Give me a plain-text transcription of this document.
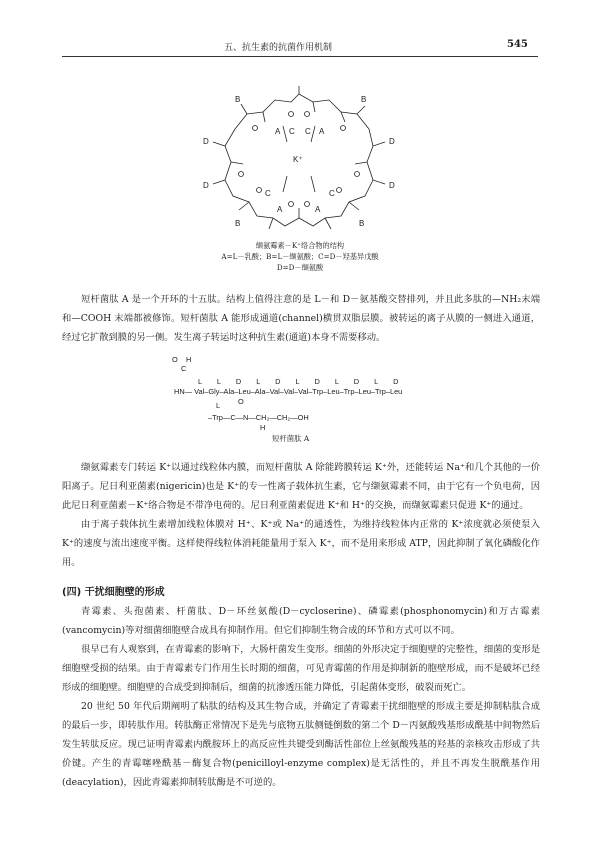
五、抗生素的抗菌作用机制	545
B	B
A	A
C C
D	D
K⁺
D	D
C	C
A	A
B	B
缬氨霉素－K⁺络合物的结构
A=L－乳酸；B=L－缬氨酸；C=D－羟基异戊酸
D=D－缬氨酸

短杆菌肽 A 是一个开环的十五肽。结构上值得注意的是 L－和 D－氨基酸交替排列，并且此多肽的—NH₂末端和—COOH 末端都被修饰。短杆菌肽 A 能形成通道(channel)横贯双脂层膜。被转运的离子从膜的一侧进入通道，经过它扩散到膜的另一侧。发生离子转运时这种抗生素(通道)本身不需要移动。

O H
C
L L D L D L D L D L D
HN— Val–Gly–Ala–Leu–Ala–Val–Val–Val–Trp–Leu–Trp–Leu–Trp–Leu
L O
–Trp—C—N—CH₂—CH₂—OH
H
短杆菌肽 A

缬氨霉素专门转运 K⁺以通过线粒体内膜，而短杆菌肽 A 除能跨膜转运 K⁺外，还能转运 Na⁺和几个其他的一价阳离子。尼日利亚菌素(nigericin)也是 K⁺的专一性离子载体抗生素，它与缬氨霉素不同，由于它有一个负电荷，因此尼日利亚菌素－K⁺络合物是不带净电荷的。尼日利亚菌素促进 K⁺和 H⁺的交换，而缬氨霉素只促进 K⁺的通过。

由于离子载体抗生素增加线粒体膜对 H⁺、K⁺或 Na⁺的通透性，为维持线粒体内正常的 K⁺浓度就必须使泵入 K⁺的速度与流出速度平衡。这样使得线粒体消耗能量用于泵入 K⁺，而不是用来形成 ATP，因此抑制了氧化磷酸化作用。

(四) 干扰细胞壁的形成

青霉素、头孢菌素、杆菌肽、D－环丝氨酸(D－cycloserine)、磷霉素(phosphonomycin)和万古霉素(vancomycin)等对细菌细胞壁合成具有抑制作用。但它们抑制生物合成的环节和方式可以不同。

很早已有人观察到，在青霉素的影响下，大肠杆菌发生变形。细菌的外形决定于细胞壁的完整性，细菌的变形是细胞壁受损的结果。由于青霉素专门作用生长时期的细菌，可见青霉菌的作用是抑制新的胞壁形成，而不是破坏已经形成的细胞壁。细胞壁的合成受到抑制后，细菌的抗渗透压能力降低，引起菌体变形，破裂而死亡。

20 世纪 50 年代后期阐明了粘肽的结构及其生物合成，并确定了青霉素干扰细胞壁的形成主要是抑制粘肽合成的最后一步，即转肽作用。转肽酶正常情况下是先与底物五肽侧链倒数的第二个 D－丙氨酸残基形成酰基中间物然后发生转肽反应。现已证明青霉素内酰胺环上的高反应性共键受到酶活性部位上丝氨酸残基的羟基的亲核攻击形成了共价键。产生的青霉噻唑酰基－酶复合物(penicilloyl-enzyme complex)是无活性的，并且不再发生脱酰基作用(deacylation)，因此青霉素抑制转肽酶是不可逆的。
